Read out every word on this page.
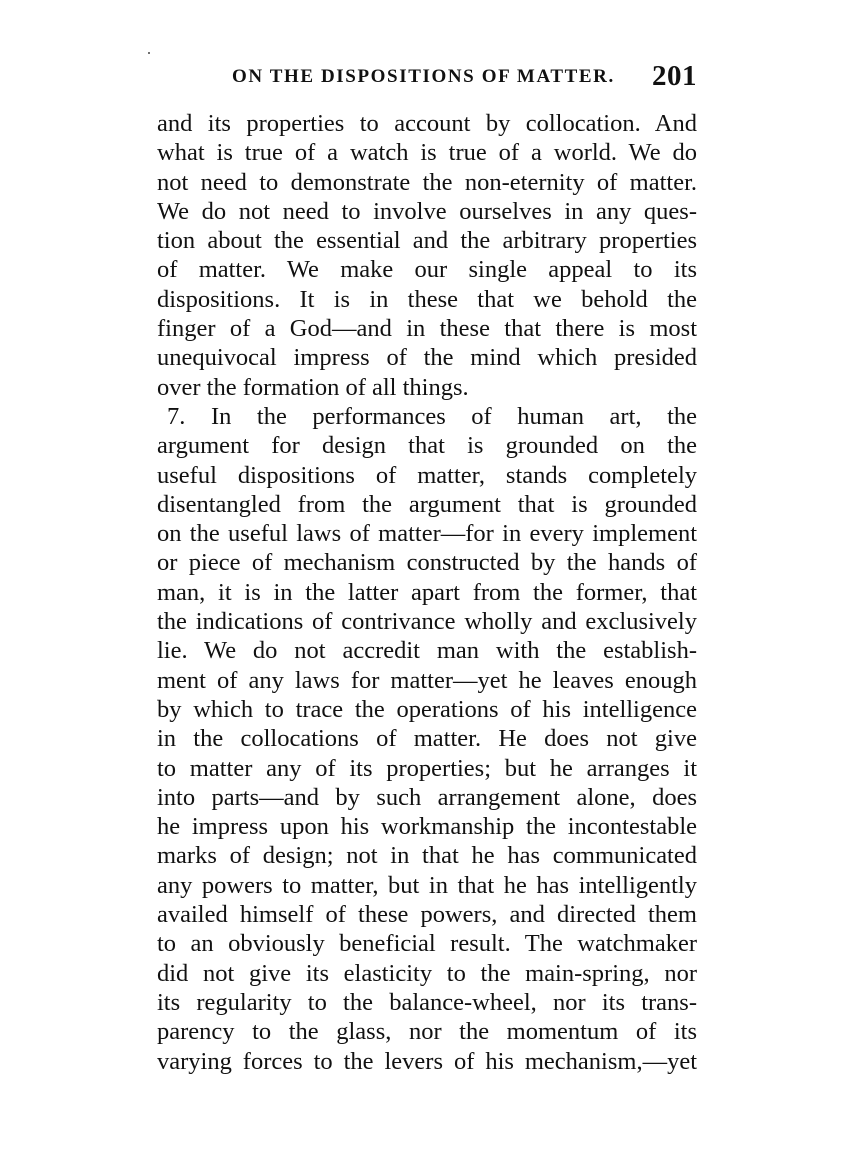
ON THE DISPOSITIONS OF MATTER. 201
and its properties to account by collocation. And
what is true of a watch is true of a world. We do
not need to demonstrate the non-eternity of matter.
We do not need to involve ourselves in any ques-
tion about the essential and the arbitrary properties
of matter. We make our single appeal to its
dispositions. It is in these that we behold the
finger of a God—and in these that there is most
unequivocal impress of the mind which presided
over the formation of all things.
7. In the performances of human art, the
argument for design that is grounded on the
useful dispositions of matter, stands completely
disentangled from the argument that is grounded
on the useful laws of matter—for in every implement
or piece of mechanism constructed by the hands of
man, it is in the latter apart from the former, that
the indications of contrivance wholly and exclusively
lie. We do not accredit man with the establish-
ment of any laws for matter—yet he leaves enough
by which to trace the operations of his intelligence
in the collocations of matter. He does not give
to matter any of its properties; but he arranges it
into parts—and by such arrangement alone, does
he impress upon his workmanship the incontestable
marks of design; not in that he has communicated
any powers to matter, but in that he has intelligently
availed himself of these powers, and directed them
to an obviously beneficial result. The watchmaker
did not give its elasticity to the main-spring, nor
its regularity to the balance-wheel, nor its trans-
parency to the glass, nor the momentum of its
varying forces to the levers of his mechanism,—yet
